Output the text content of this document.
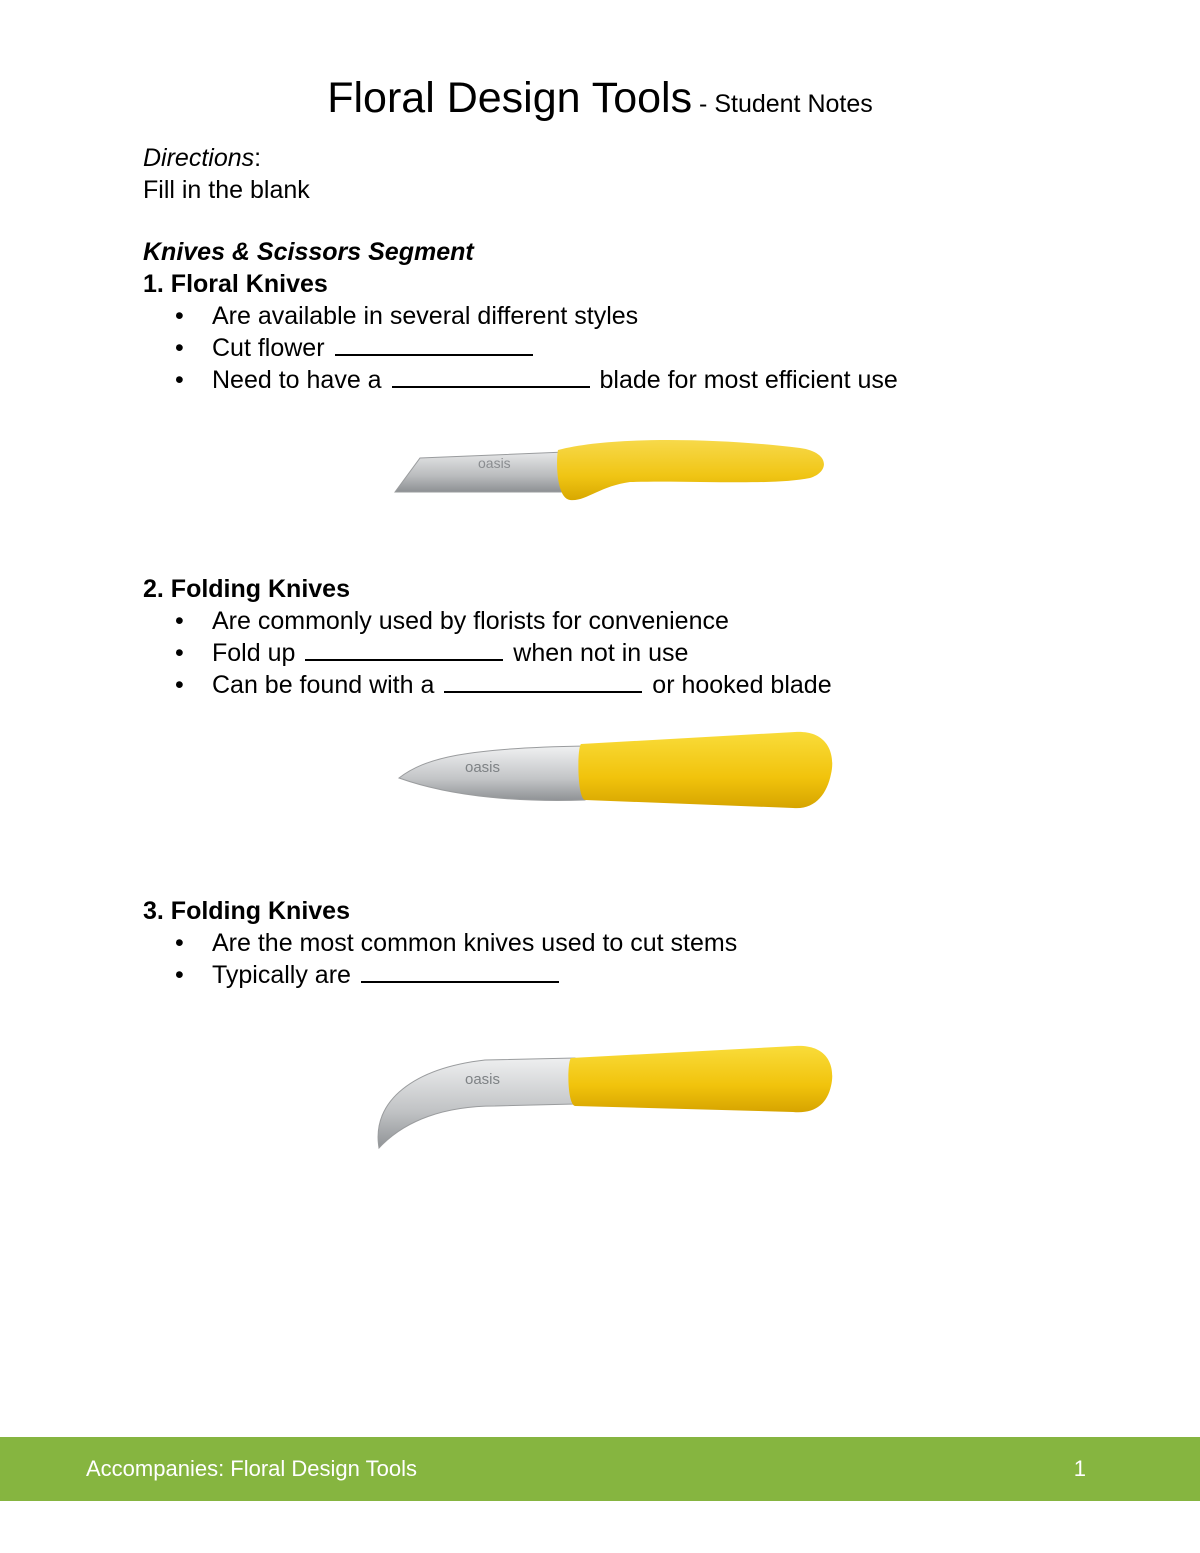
Floral Design Tools - Student Notes
Directions:
Fill in the blank
Knives & Scissors Segment
1. Floral Knives
• Are available in several different styles
• Cut flower
• Need to have a	blade for most efficient use
oasis
2. Folding Knives
• Are commonly used by florists for convenience
• Fold up	when not in use
• Can be found with a	or hooked blade
oasis
3. Folding Knives
• Are the most common knives used to cut stems
• Typically are
oasis
Accompanies: Floral Design Tools	1
